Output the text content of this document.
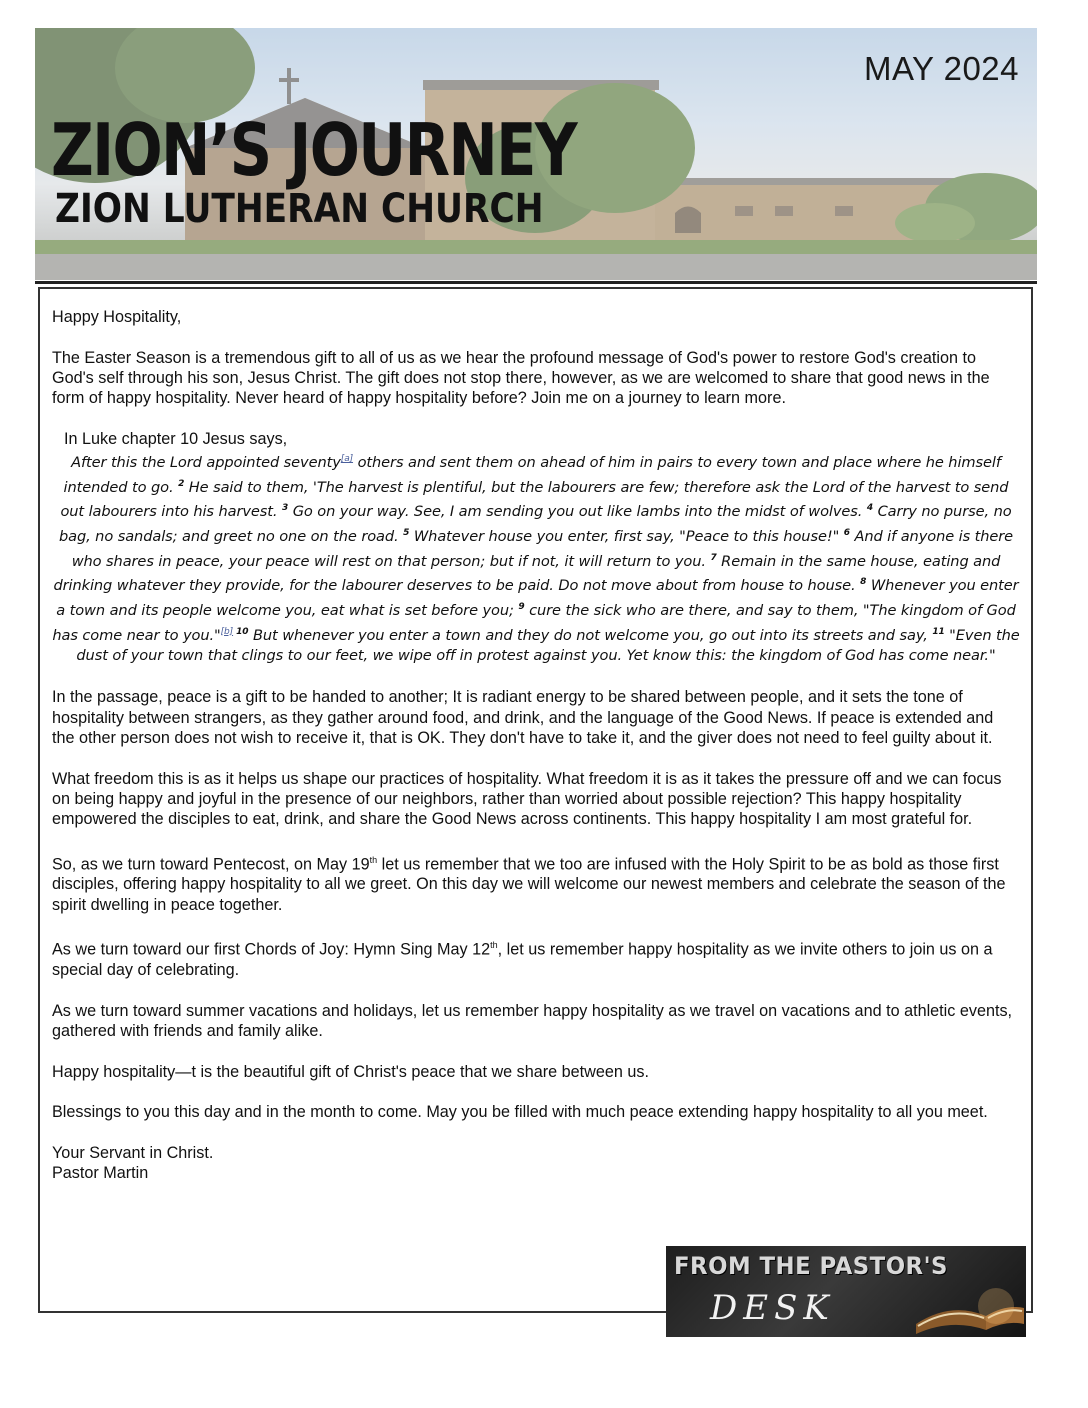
MAY 2024
ZION’S JOURNEY
ZION LUTHERAN CHURCH

Happy Hospitality,

The Easter Season is a tremendous gift to all of us as we hear the profound message of God's power to restore God's creation to God's self through his son, Jesus Christ. The gift does not stop there, however, as we are welcomed to share that good news in the form of happy hospitality. Never heard of happy hospitality before? Join me on a journey to learn more.

In Luke chapter 10 Jesus says,

After this the Lord appointed seventy[a] others and sent them on ahead of him in pairs to every town and place where he himself intended to go. $^2$ He said to them, 'The harvest is plentiful, but the labourers are few; therefore ask the Lord of the harvest to send out labourers into his harvest. $^3$ Go on your way. See, I am sending you out like lambs into the midst of wolves. $^4$ Carry no purse, no bag, no sandals; and greet no one on the road. $^5$ Whatever house you enter, first say, "Peace to this house!" $^6$ And if anyone is there who shares in peace, your peace will rest on that person; but if not, it will return to you. $^7$ Remain in the same house, eating and drinking whatever they provide, for the labourer deserves to be paid. Do not move about from house to house. $^8$ Whenever you enter a town and its people welcome you, eat what is set before you; $^9$ cure the sick who are there, and say to them, "The kingdom of God has come near to you."[b] $^{10}$ But whenever you enter a town and they do not welcome you, go out into its streets and say, $^{11}$ "Even the dust of your town that clings to our feet, we wipe off in protest against you. Yet know this: the kingdom of God has come near."

In the passage, peace is a gift to be handed to another; It is radiant energy to be shared between people, and it sets the tone of hospitality between strangers, as they gather around food, and drink, and the language of the Good News. If peace is extended and the other person does not wish to receive it, that is OK. They don't have to take it, and the giver does not need to feel guilty about it.

What freedom this is as it helps us shape our practices of hospitality. What freedom it is as it takes the pressure off and we can focus on being happy and joyful in the presence of our neighbors, rather than worried about possible rejection? This happy hospitality empowered the disciples to eat, drink, and share the Good News across continents. This happy hospitality I am most grateful for.

So, as we turn toward Pentecost, on May 19th let us remember that we too are infused with the Holy Spirit to be as bold as those first disciples, offering happy hospitality to all we greet. On this day we will welcome our newest members and celebrate the season of the spirit dwelling in peace together.

As we turn toward our first Chords of Joy: Hymn Sing May 12th, let us remember happy hospitality as we invite others to join us on a special day of celebrating.

As we turn toward summer vacations and holidays, let us remember happy hospitality as we travel on vacations and to athletic events, gathered with friends and family alike.

Happy hospitality—t is the beautiful gift of Christ's peace that we share between us.

Blessings to you this day and in the month to come. May you be filled with much peace extending happy hospitality to all you meet.

Your Servant in Christ.

Pastor Martin

FROM THE PASTOR'S
DESK
